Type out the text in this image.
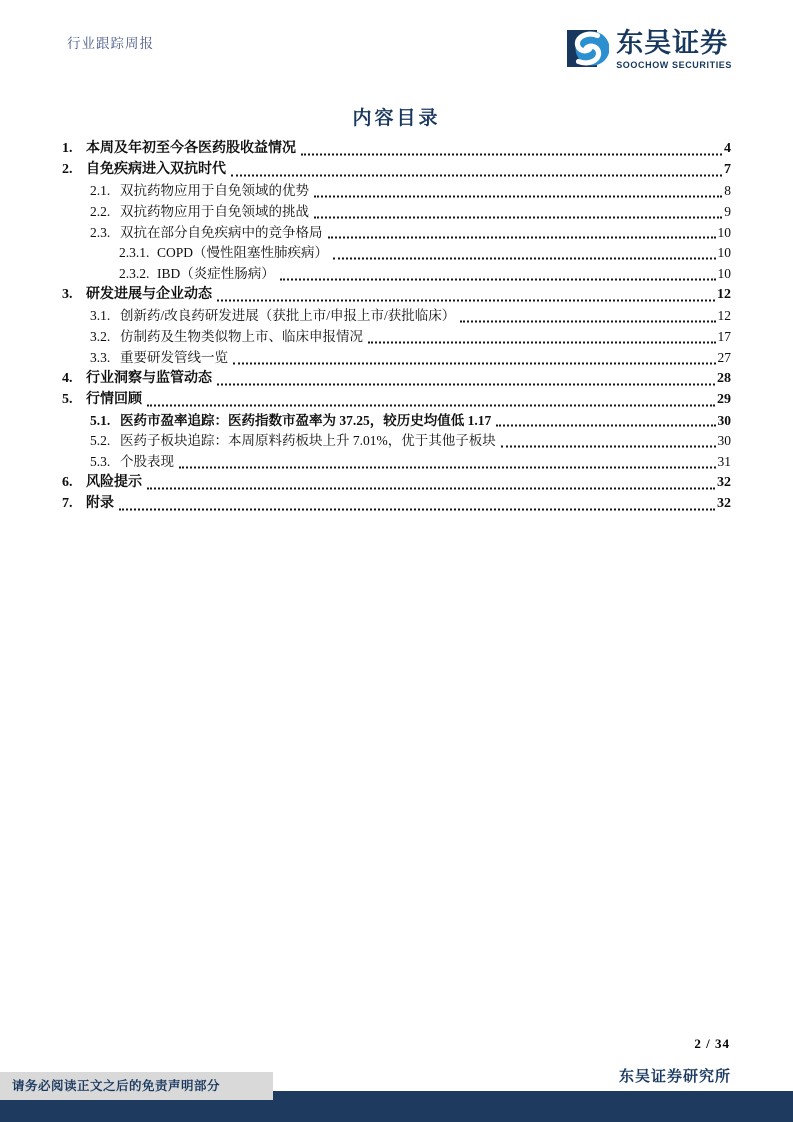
行业跟踪周报	东吴证券
SOOCHOW SECURITIES
内容目录
1. 本周及年初至今各医药股收益情况	4
2. 自免疾病进入双抗时代	7
2.1. 双抗药物应用于自免领域的优势	8
2.2. 双抗药物应用于自免领域的挑战	9
2.3. 双抗在部分自免疾病中的竞争格局	10
2.3.1. COPD（慢性阻塞性肺疾病）	10
2.3.2. IBD（炎症性肠病）	10
3. 研发进展与企业动态	12
3.1. 创新药/改良药研发进展（获批上市/申报上市/获批临床）	12
3.2. 仿制药及生物类似物上市、临床申报情况	17
3.3. 重要研发管线一览	27
4. 行业洞察与监管动态	28
5. 行情回顾	29
5.1. 医药市盈率追踪：医药指数市盈率为 37.25，较历史均值低 1.17	30
5.2. 医药子板块追踪：本周原料药板块上升 7.01%，优于其他子板块	30
5.3. 个股表现	31
6. 风险提示	32
7. 附录	32
2 / 34
东吴证券研究所
请务必阅读正文之后的免责声明部分
